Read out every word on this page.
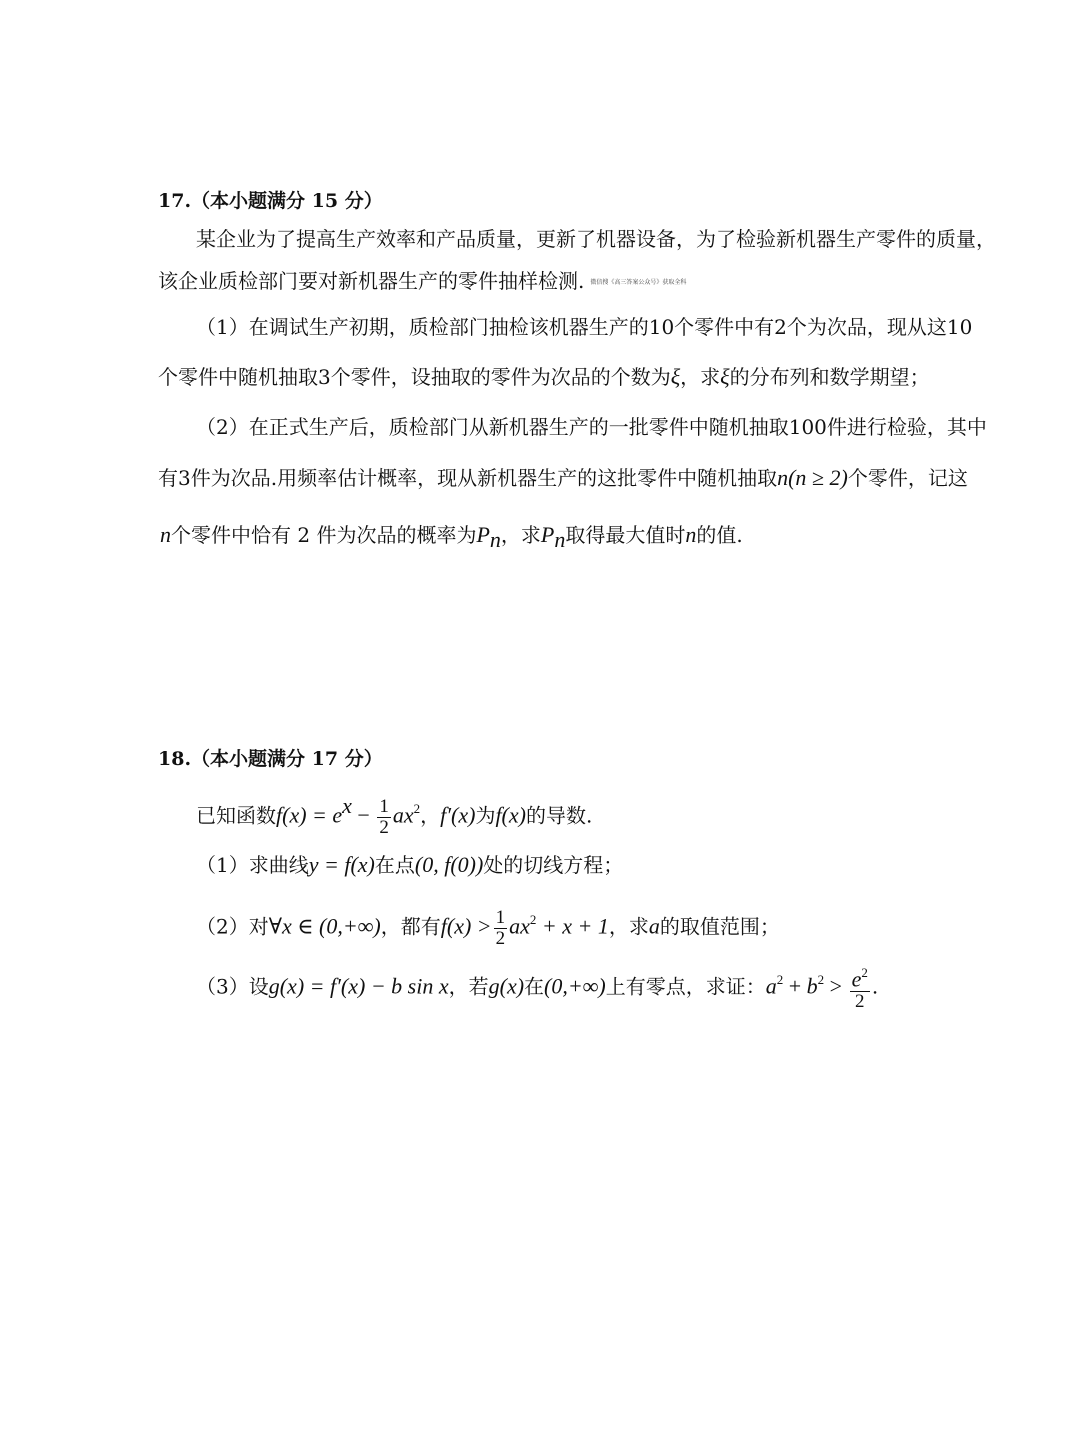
17.（本小题满分 15 分）
某企业为了提高生产效率和产品质量，更新了机器设备，为了检验新机器生产零件的质量，
该企业质检部门要对新机器生产的零件抽样检测. 微信搜《高三答案公众号》获取全科
（1）在调试生产初期，质检部门抽检该机器生产的10个零件中有2个为次品，现从这10
个零件中随机抽取3个零件，设抽取的零件为次品的个数为ξ，求ξ的分布列和数学期望；
（2）在正式生产后，质检部门从新机器生产的一批零件中随机抽取100件进行检验，其中
有3件为次品.用频率估计概率，现从新机器生产的这批零件中随机抽取n(n ≥ 2)个零件，记这
n个零件中恰有 2 件为次品的概率为$P_n$，求$P_n$取得最大值时n的值.
18.（本小题满分 17 分）
已知函数$f(x) = e^x - \frac{1}{2} ax^2$，f′(x)为f(x)的导数.
（1）求曲线y = f(x)在点(0, f(0))处的切线方程；
（2）对∀x ∈ (0,+∞)，都有$f(x) > \frac{1}{2} ax^2 + x + 1$，求a的取值范围；
（3）设g(x) = f′(x) − b sin x，若g(x)在(0,+∞)上有零点，求证：$a^2 + b^2 > \frac{e^2}{2}$ .
